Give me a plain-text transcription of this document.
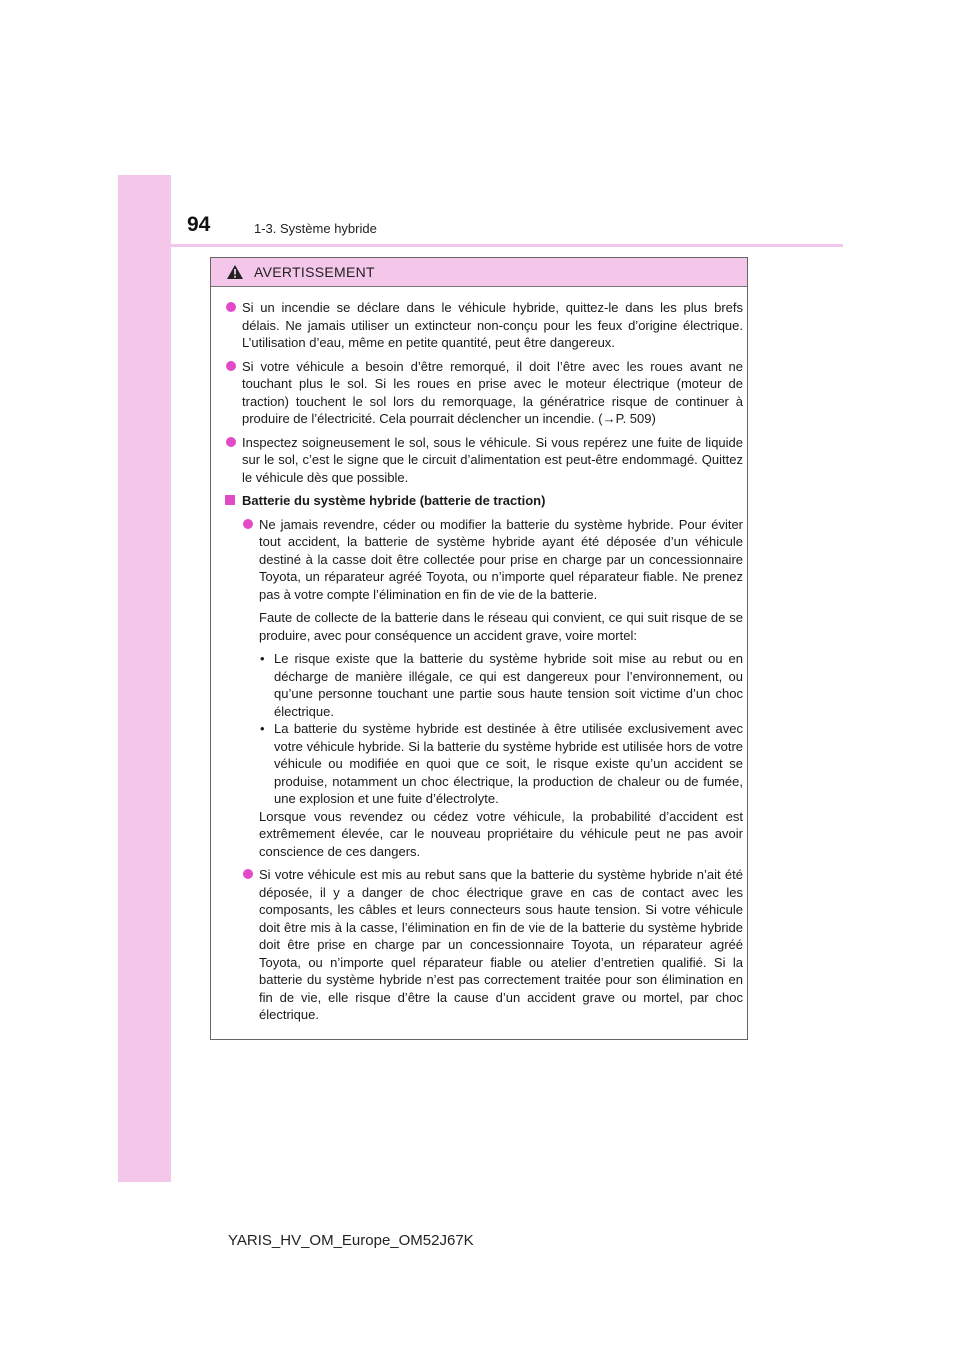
94	1-3. Système hybride
AVERTISSEMENT
Si un incendie se déclare dans le véhicule hybride, quittez-le dans les plus brefs délais. Ne jamais utiliser un extincteur non-conçu pour les feux d’origine électrique. L’utilisation d’eau, même en petite quantité, peut être dangereux.
Si votre véhicule a besoin d’être remorqué, il doit l’être avec les roues avant ne touchant plus le sol. Si les roues en prise avec le moteur électrique (moteur de traction) touchent le sol lors du remorquage, la génératrice risque de continuer à produire de l’électricité. Cela pourrait déclencher un incendie. (→P. 509)
Inspectez soigneusement le sol, sous le véhicule. Si vous repérez une fuite de liquide sur le sol, c’est le signe que le circuit d’alimentation est peut-être endommagé. Quittez le véhicule dès que possible.
Batterie du système hybride (batterie de traction)
Ne jamais revendre, céder ou modifier la batterie du système hybride. Pour éviter tout accident, la batterie de système hybride ayant été déposée d’un véhicule destiné à la casse doit être collectée pour prise en charge par un concessionnaire Toyota, un réparateur agréé Toyota, ou n’importe quel réparateur fiable. Ne prenez pas à votre compte l’élimination en fin de vie de la batterie.
Faute de collecte de la batterie dans le réseau qui convient, ce qui suit risque de se produire, avec pour conséquence un accident grave, voire mortel:
• Le risque existe que la batterie du système hybride soit mise au rebut ou en décharge de manière illégale, ce qui est dangereux pour l’environnement, ou qu’une personne touchant une partie sous haute tension soit victime d’un choc électrique.
• La batterie du système hybride est destinée à être utilisée exclusivement avec votre véhicule hybride. Si la batterie du système hybride est utilisée hors de votre véhicule ou modifiée en quoi que ce soit, le risque existe qu’un accident se produise, notamment un choc électrique, la production de chaleur ou de fumée, une explosion et une fuite d’électrolyte.
Lorsque vous revendez ou cédez votre véhicule, la probabilité d’accident est extrêmement élevée, car le nouveau propriétaire du véhicule peut ne pas avoir conscience de ces dangers.
Si votre véhicule est mis au rebut sans que la batterie du système hybride n’ait été déposée, il y a danger de choc électrique grave en cas de contact avec les composants, les câbles et leurs connecteurs sous haute tension. Si votre véhicule doit être mis à la casse, l’élimination en fin de vie de la batterie du système hybride doit être prise en charge par un concessionnaire Toyota, un réparateur agréé Toyota, ou n’importe quel réparateur fiable ou atelier d’entretien qualifié. Si la batterie du système hybride n’est pas correctement traitée pour son élimination en fin de vie, elle risque d’être la cause d’un accident grave ou mortel, par choc électrique.
YARIS_HV_OM_Europe_OM52J67K
